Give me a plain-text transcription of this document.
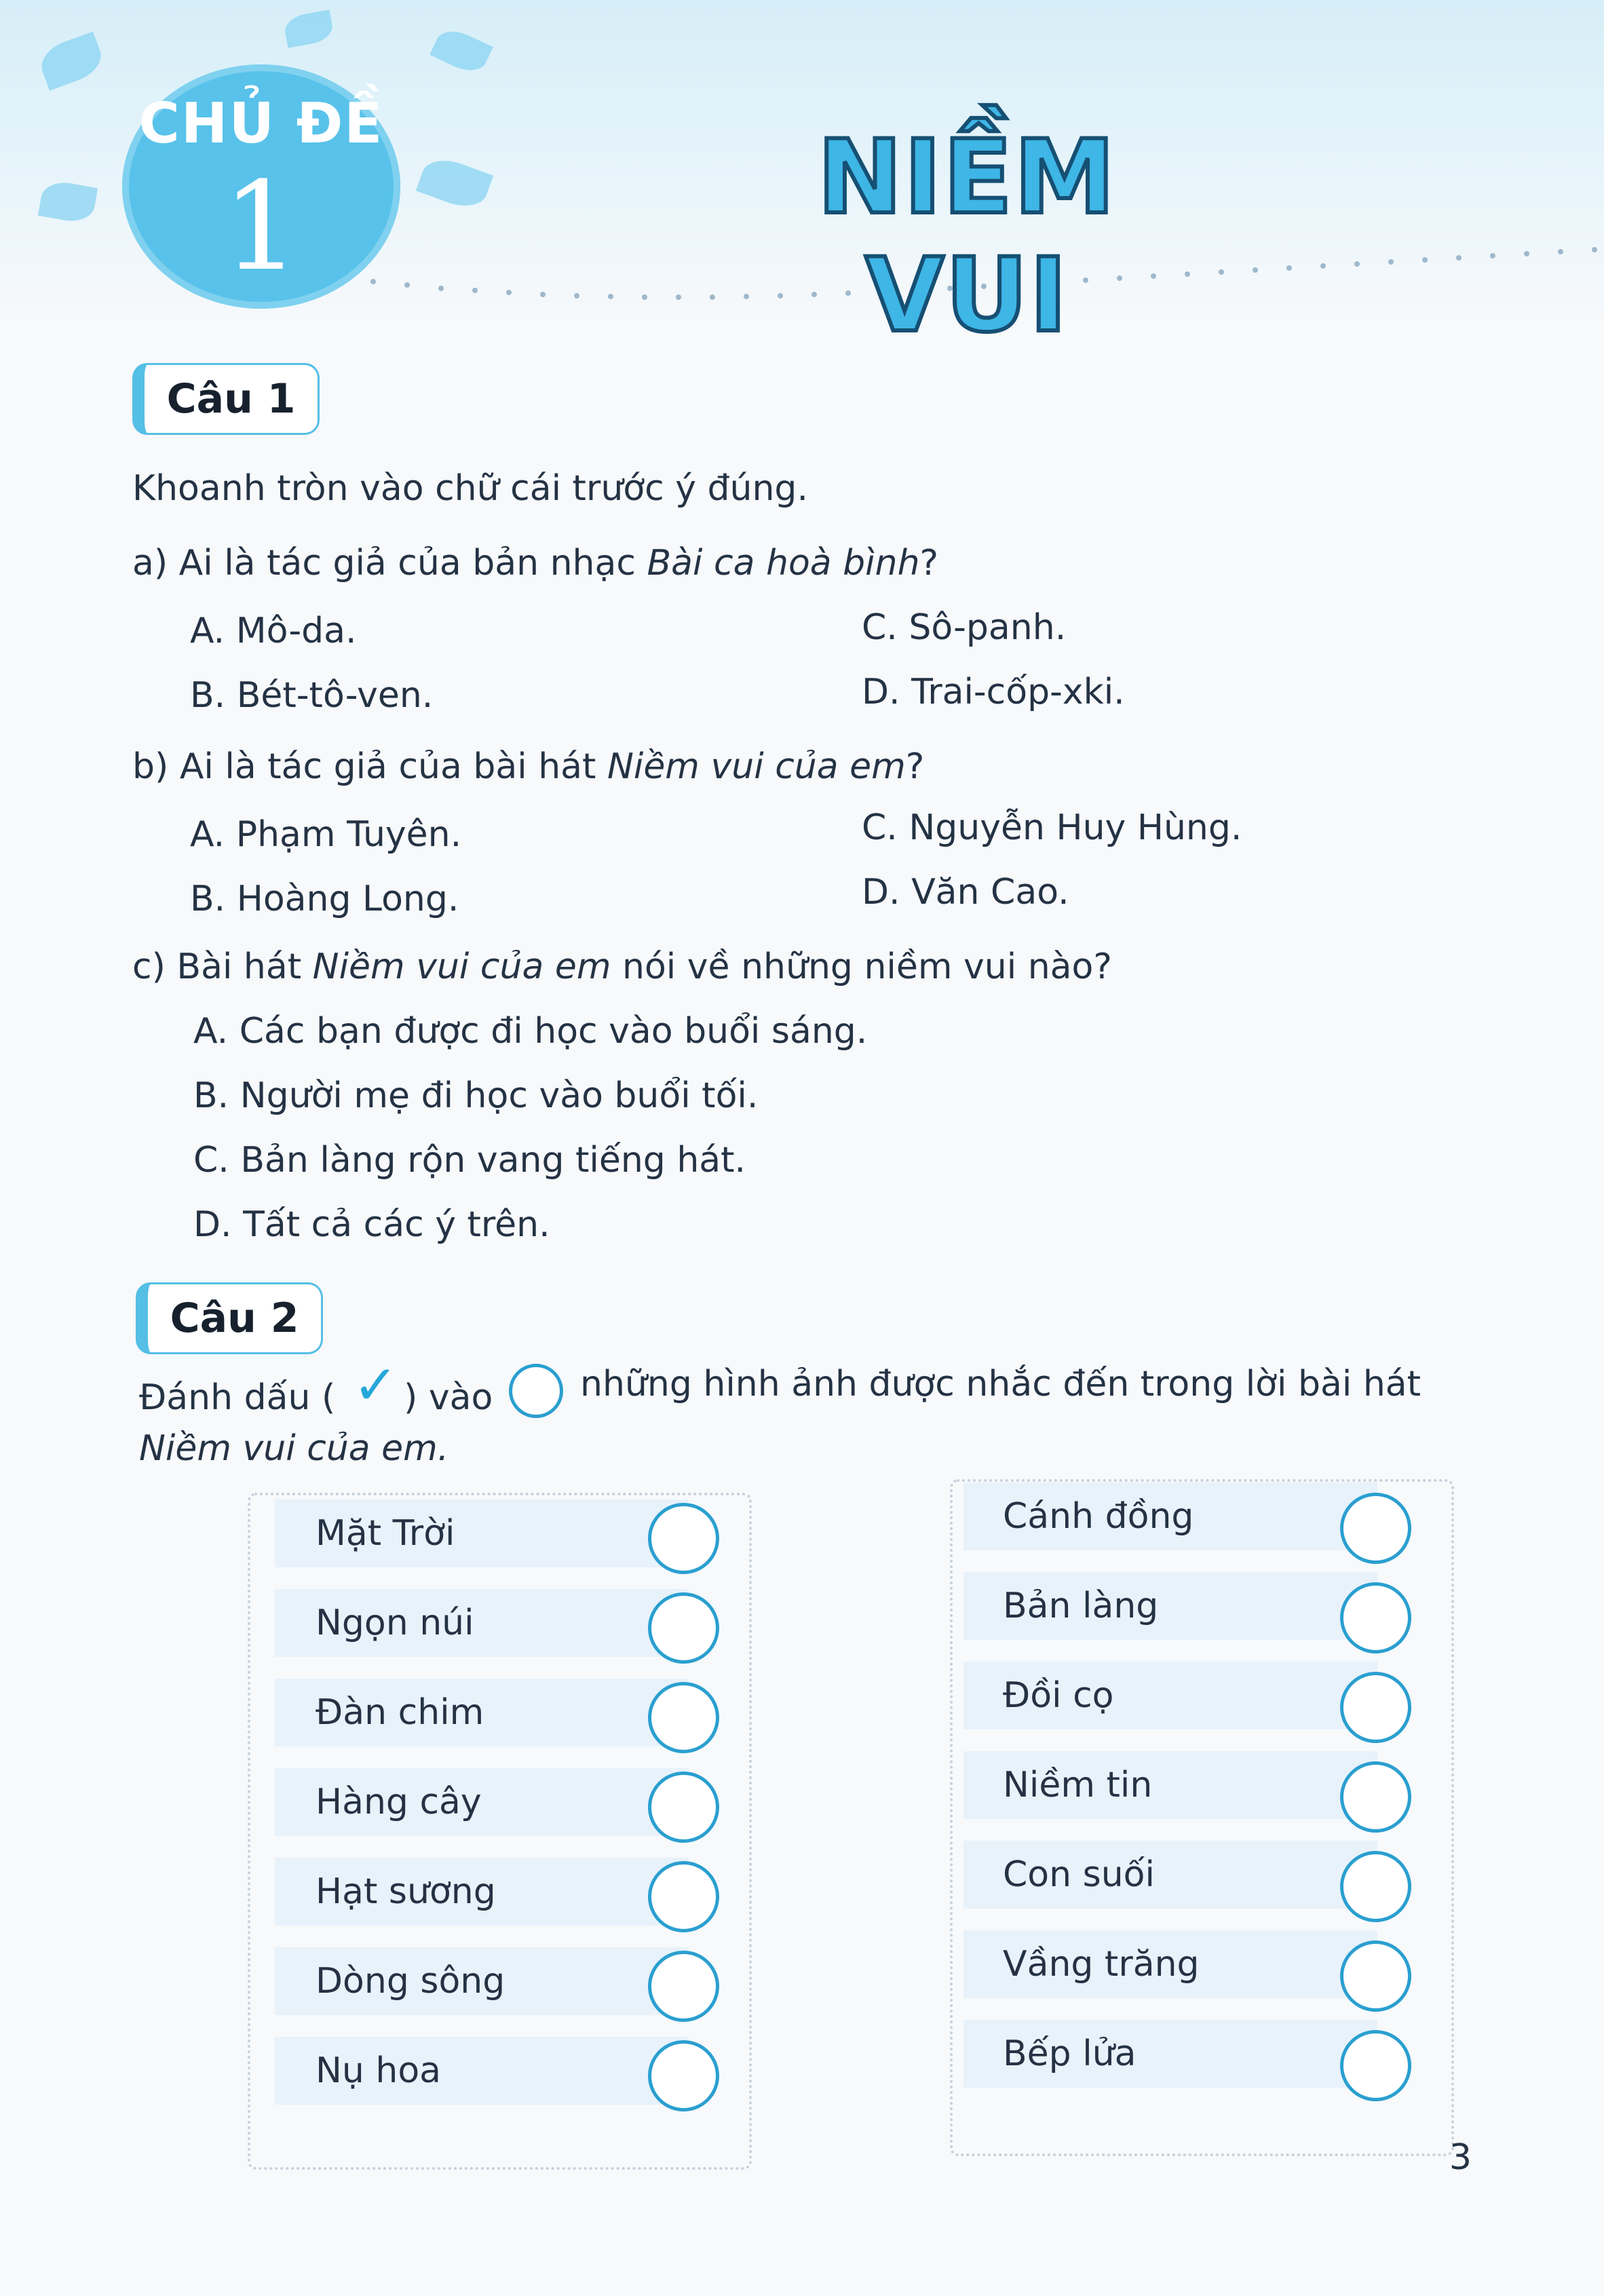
CHỦ ĐỀ
1	NIỀM VUI
Câu 1
Khoanh tròn vào chữ cái trước ý đúng.
a) Ai là tác giả của bản nhạc Bài ca hoà bình?
A. Mô-da.	C. Sô-panh.
B. Bét-tô-ven.	D. Trai-cốp-xki.
b) Ai là tác giả của bài hát Niềm vui của em?
A. Phạm Tuyên.	C. Nguyễn Huy Hùng.
B. Hoàng Long.	D. Văn Cao.
c) Bài hát Niềm vui của em nói về những niềm vui nào?
A. Các bạn được đi học vào buổi sáng.
B. Người mẹ đi học vào buổi tối.
C. Bản làng rộn vang tiếng hát.
D. Tất cả các ý trên.
Câu 2
Đánh dấu ( ✓ ) vào những hình ảnh được nhắc đến trong lời bài hát
Niềm vui của em.
Mặt Trời
Ngọn núi
Đàn chim
Hàng cây
Hạt sương
Dòng sông
Nụ hoa
Cánh đồng
Bản làng
Đồi cọ
Niềm tin
Con suối
Vầng trăng
Bếp lửa
3
